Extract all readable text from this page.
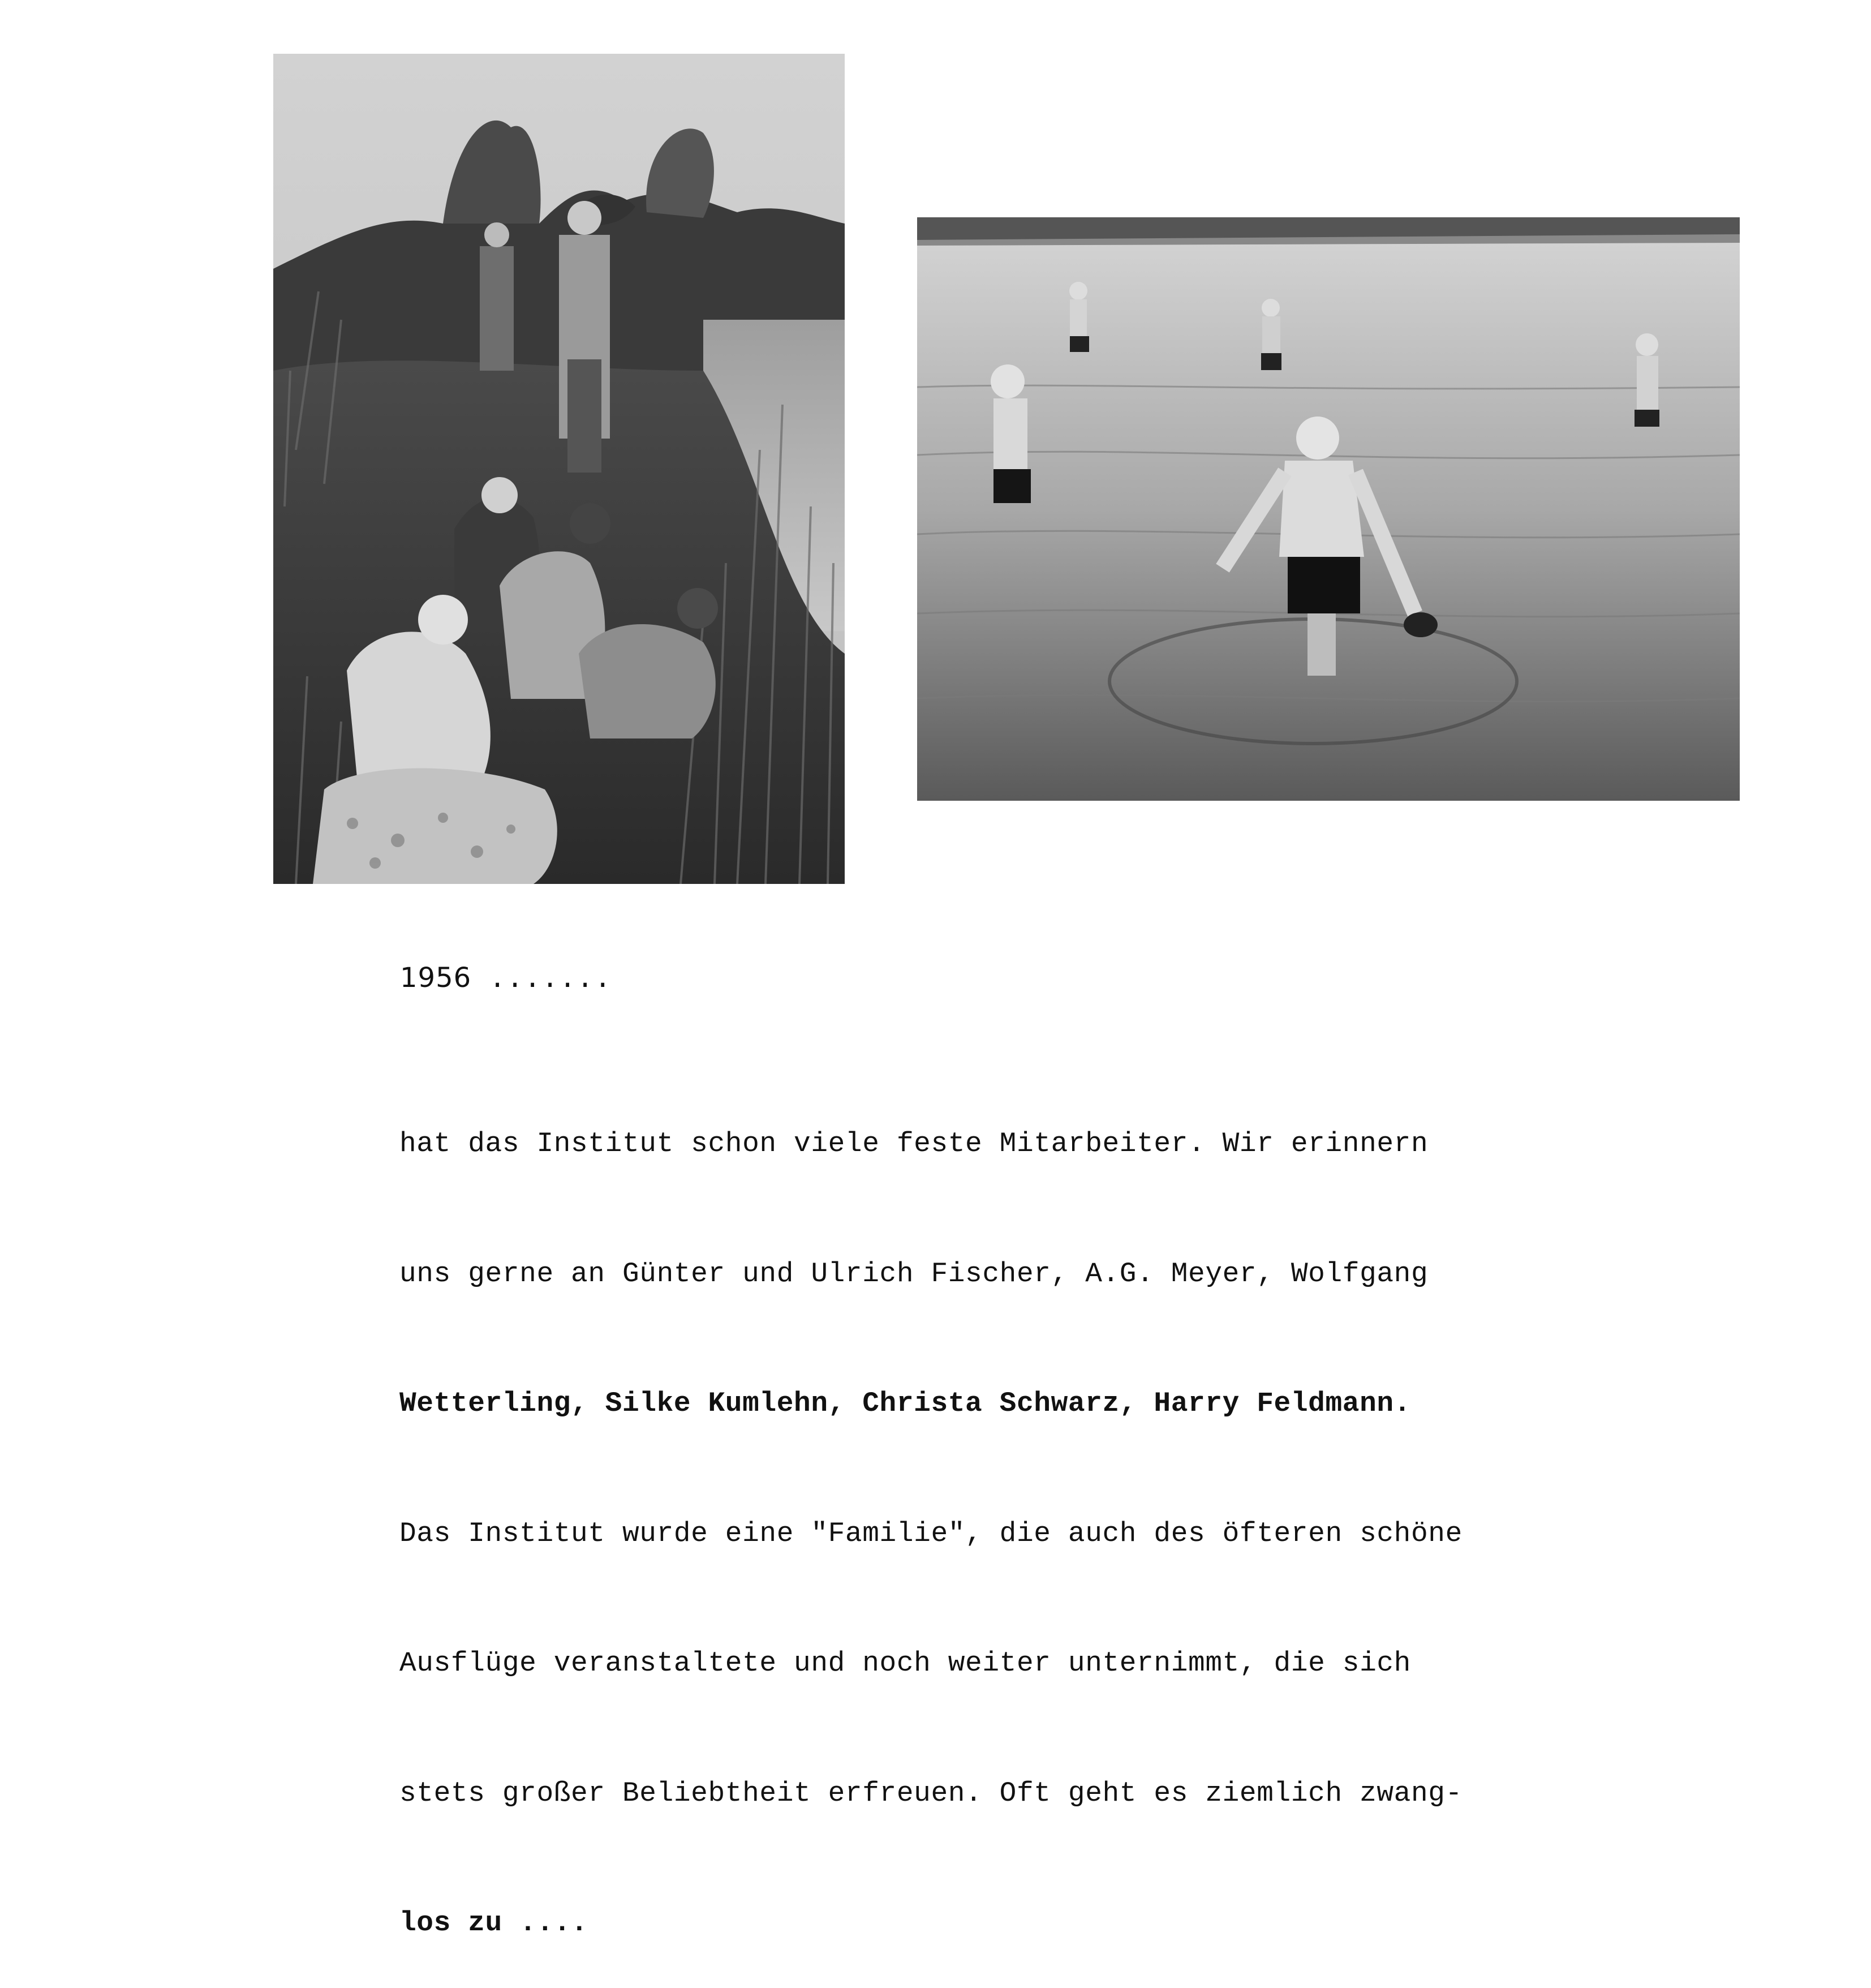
1956 .......

hat das Institut schon viele feste Mitarbeiter. Wir erinnern

uns gerne an Günter und Ulrich Fischer, A.G. Meyer, Wolfgang

Wetterling, Silke Kumlehn, Christa Schwarz, Harry Feldmann.

Das Institut wurde eine "Familie", die auch des öfteren schöne

Ausflüge veranstaltete und noch weiter unternimmt, die sich

stets großer Beliebtheit erfreuen. Oft geht es ziemlich zwang-

los zu ....
